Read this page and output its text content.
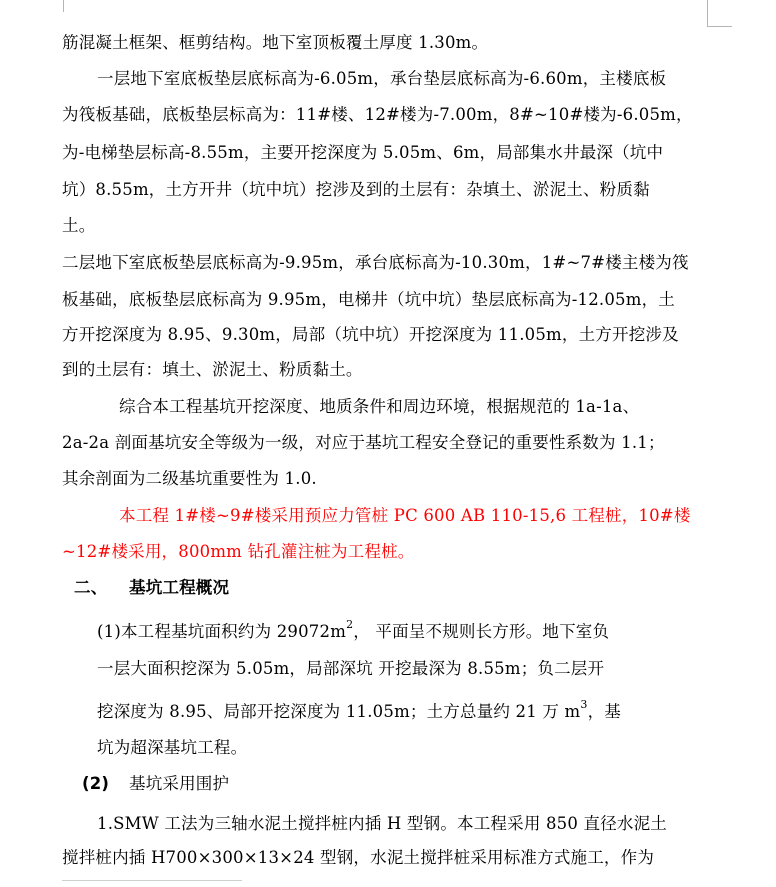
筋混凝土框架、框剪结构。地下室顶板覆土厚度 1.30m。
一层地下室底板垫层底标高为-6.05m，承台垫层底标高为-6.60m，主楼底板
为筏板基础，底板垫层标高为：11#楼、12#楼为-7.00m，8#~10#楼为-6.05m，
为-电梯垫层标高-8.55m，主要开挖深度为 5.05m、6m，局部集水井最深（坑中
坑）8.55m，土方开井（坑中坑）挖涉及到的土层有：杂填土、淤泥土、粉质黏
土。
二层地下室底板垫层底标高为-9.95m，承台底标高为-10.30m，1#~7#楼主楼为筏
板基础，底板垫层底标高为 9.95m，电梯井（坑中坑）垫层底标高为-12.05m，土
方开挖深度为 8.95、9.30m，局部（坑中坑）开挖深度为 11.05m，土方开挖涉及
到的土层有：填土、淤泥土、粉质黏土。
综合本工程基坑开挖深度、地质条件和周边环境，根据规范的 1a-1a、
2a-2a 剖面基坑安全等级为一级，对应于基坑工程安全登记的重要性系数为 1.1；
其余剖面为二级基坑重要性为 1.0.
本工程 1#楼~9#楼采用预应力管桩 PC 600 AB 110-15,6 工程桩，10#楼
~12#楼采用，800mm 钻孔灌注桩为工程桩。
二、 基坑工程概况
(1)本工程基坑面积约为 $29072m^2$， 平面呈不规则长方形。地下室负
一层大面积挖深为 5.05m，局部深坑 开挖最深为 8.55m；负二层开
挖深度为 8.95、局部开挖深度为 11.05m；土方总量约 21 万 $m^3$，基
坑为超深基坑工程。
(2) 基坑采用围护
1.SMW 工法为三轴水泥土搅拌桩内插 H 型钢。本工程采用 850 直径水泥土
搅拌桩内插 H700×300×13×24 型钢，水泥土搅拌桩采用标准方式施工，作为
